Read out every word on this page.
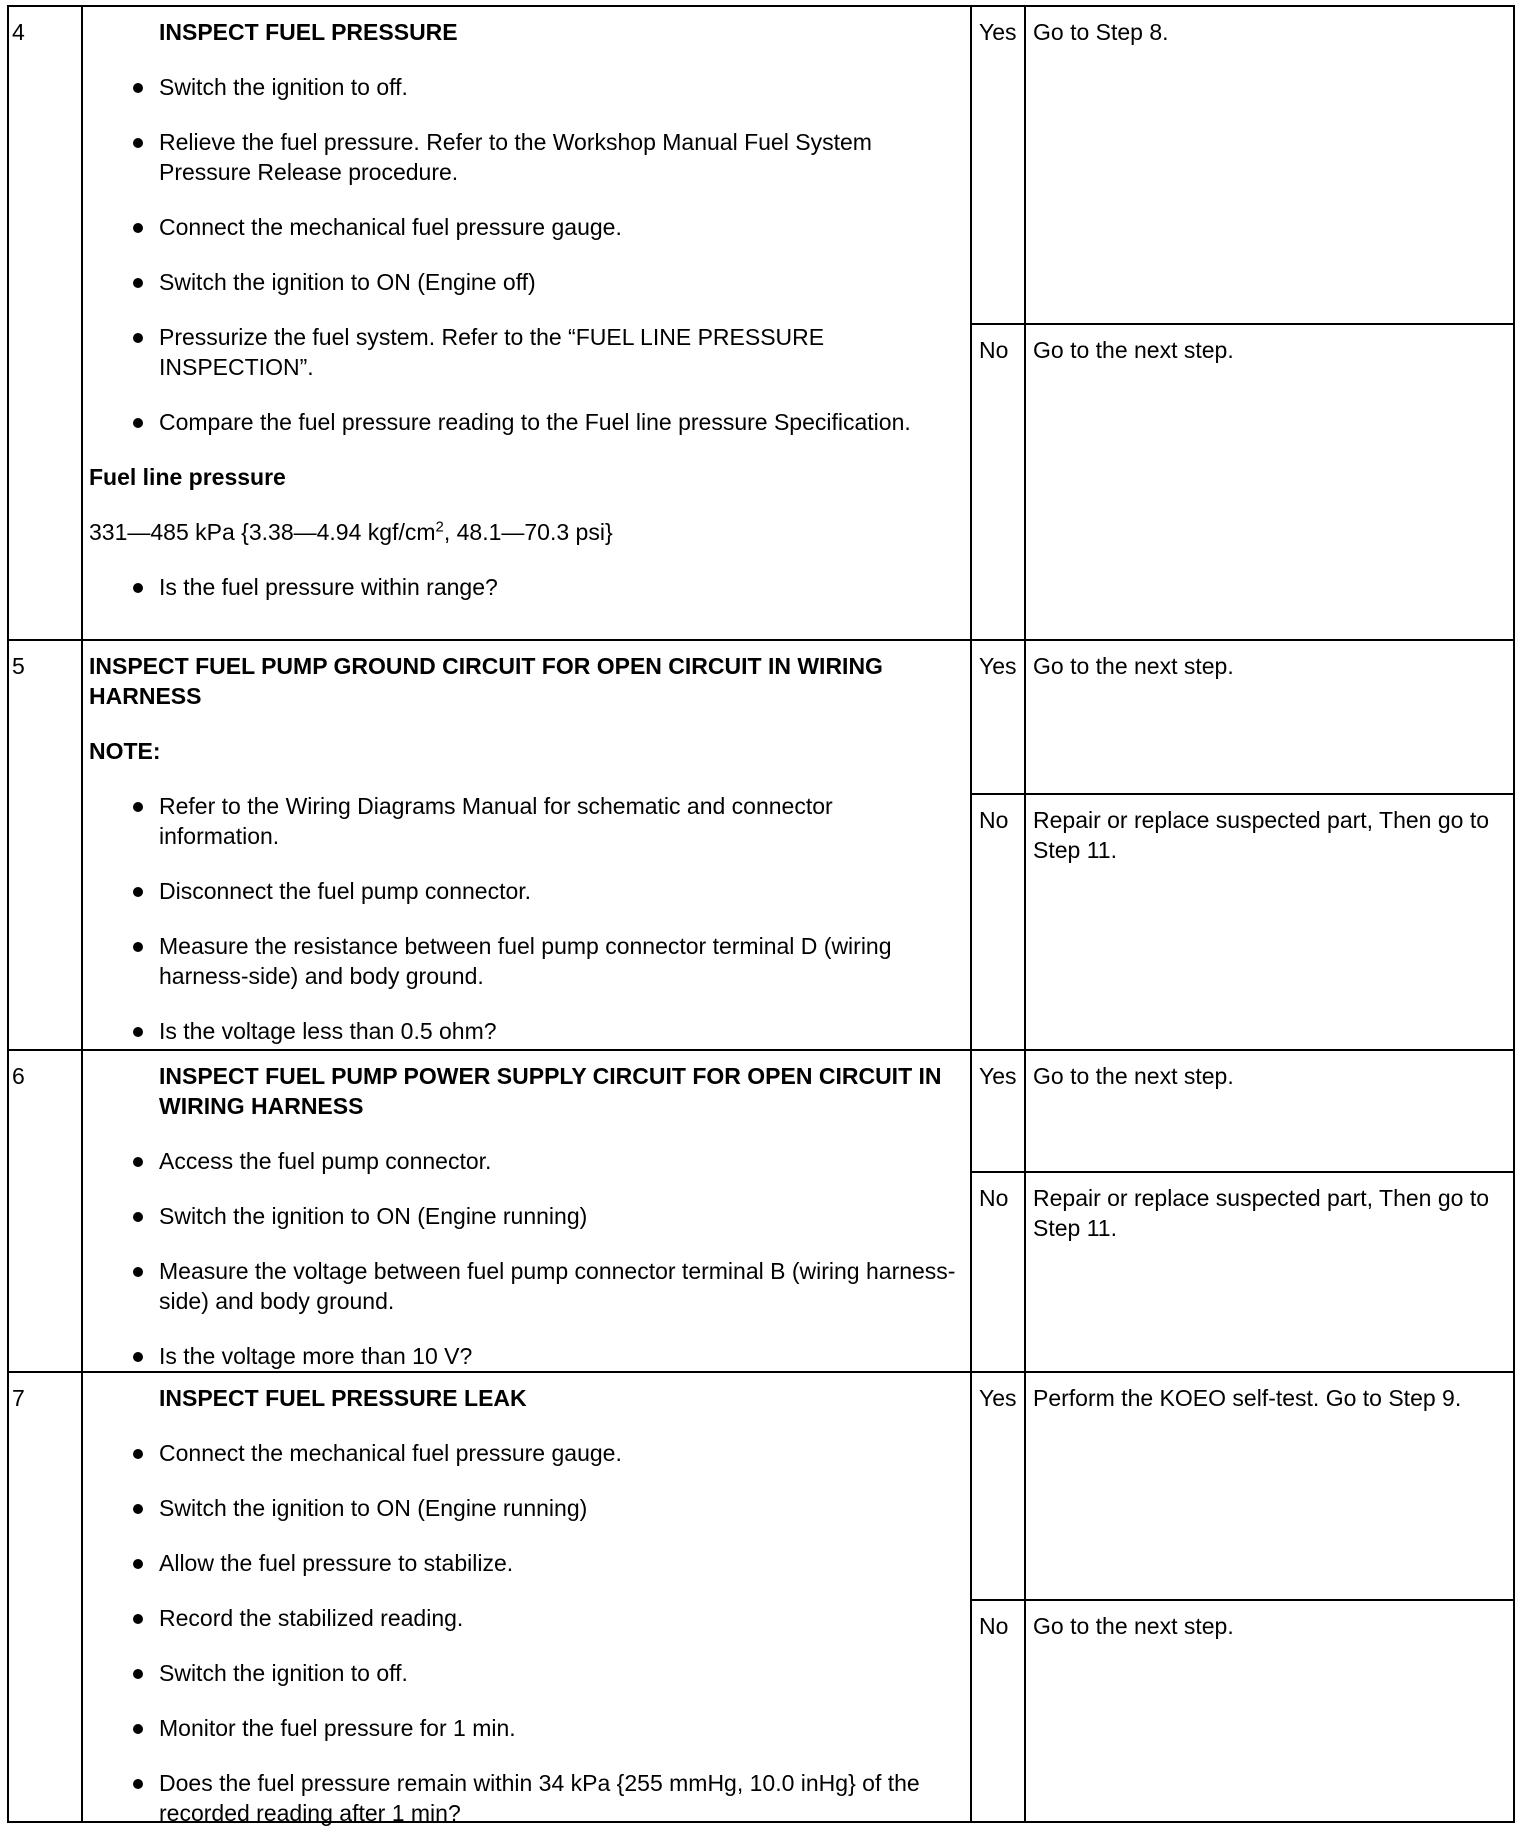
4	INSPECT FUEL PRESSURE
Switch the ignition to off.
Relieve the fuel pressure. Refer to the Workshop Manual Fuel System Pressure Release procedure.
Connect the mechanical fuel pressure gauge.
Switch the ignition to ON (Engine off)
Pressurize the fuel system. Refer to the “FUEL LINE PRESSURE INSPECTION”.
Compare the fuel pressure reading to the Fuel line pressure Specification.
Fuel line pressure
331—485 kPa {3.38—4.94 kgf/$cm^2$, 48.1—70.3 psi}
Is the fuel pressure within range?
Yes Go to Step 8.
No	Go to the next step.
5	INSPECT FUEL PUMP GROUND CIRCUIT FOR OPEN CIRCUIT IN WIRING HARNESS
NOTE:
Refer to the Wiring Diagrams Manual for schematic and connector information.
Disconnect the fuel pump connector.
Measure the resistance between fuel pump connector terminal D (wiring harness-side) and body ground.
Is the voltage less than 0.5 ohm?
Yes Go to the next step.
No	Repair or replace suspected part, Then go to Step 11.
6	INSPECT FUEL PUMP POWER SUPPLY CIRCUIT FOR OPEN CIRCUIT IN WIRING HARNESS
Access the fuel pump connector.
Switch the ignition to ON (Engine running)
Measure the voltage between fuel pump connector terminal B (wiring harness-side) and body ground.
Is the voltage more than 10 V?
Yes Go to the next step.
No	Repair or replace suspected part, Then go to Step 11.
7	INSPECT FUEL PRESSURE LEAK
Connect the mechanical fuel pressure gauge.
Switch the ignition to ON (Engine running)
Allow the fuel pressure to stabilize.
Record the stabilized reading.
Switch the ignition to off.
Monitor the fuel pressure for 1 min.
Does the fuel pressure remain within 34 kPa {255 mmHg, 10.0 inHg} of the recorded reading after 1 min?
Yes Perform the KOEO self-test. Go to Step 9.
No	Go to the next step.
